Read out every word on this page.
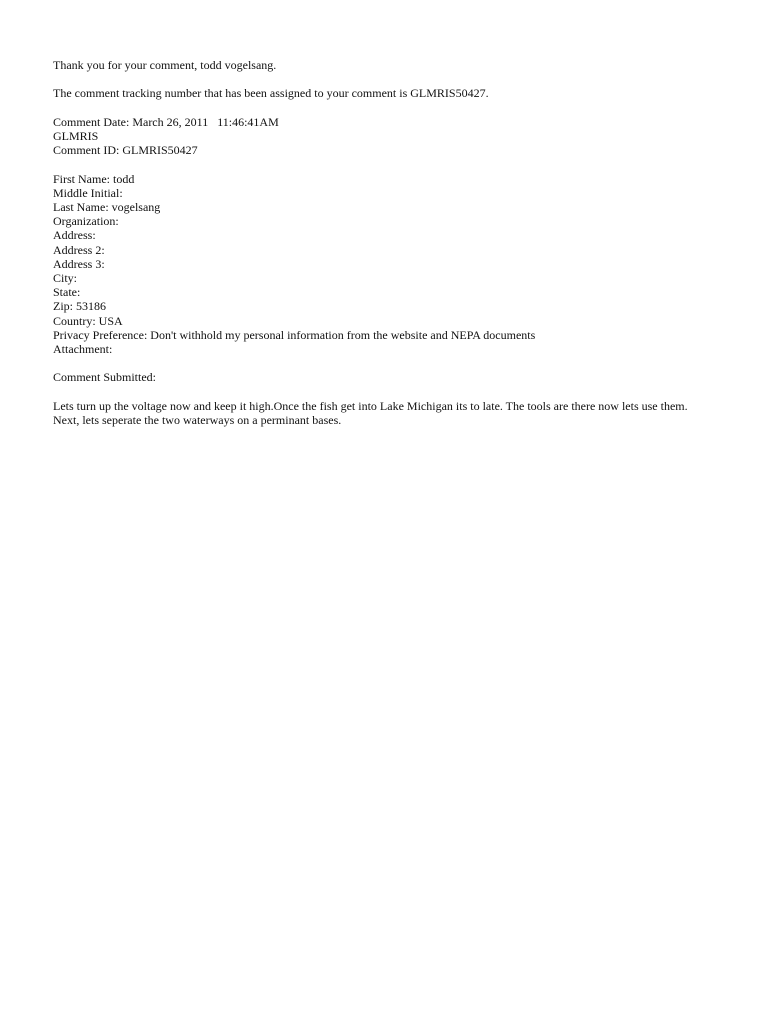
Thank you for your comment, todd vogelsang.
The comment tracking number that has been assigned to your comment is GLMRIS50427.
Comment Date: March 26, 2011   11:46:41AM
GLMRIS
Comment ID: GLMRIS50427
First Name: todd
Middle Initial:
Last Name: vogelsang
Organization:
Address:
Address 2:
Address 3:
City:
State:
Zip: 53186
Country: USA
Privacy Preference: Don't withhold my personal information from the website and NEPA documents
Attachment:
Comment Submitted:
Lets turn up the voltage now and keep it high.Once the fish get into Lake Michigan its to late. The tools are there now lets use them. Next, lets seperate the two waterways on a perminant bases.
